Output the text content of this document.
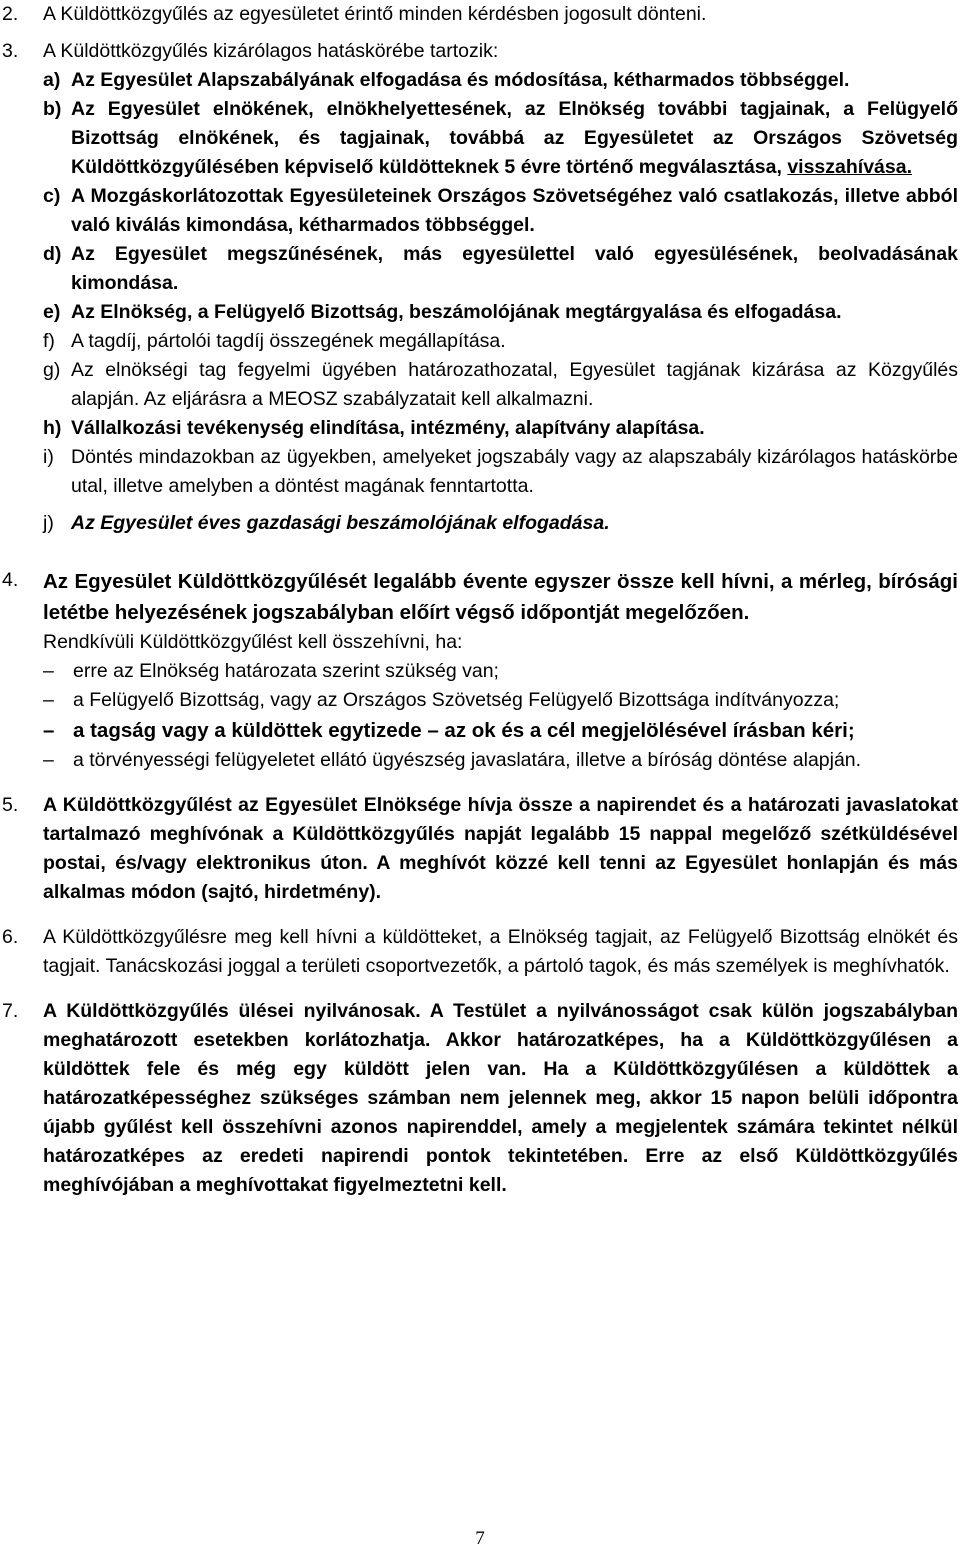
2.	A Küldöttközgyűlés az egyesületet érintő minden kérdésben jogosult dönteni.
3.	A Küldöttközgyűlés kizárólagos hatáskörébe tartozik:
a) Az Egyesület Alapszabályának elfogadása és módosítása, kétharmados többséggel.
b) Az Egyesület elnökének, elnökhelyettesének, az Elnökség további tagjainak, a Felügyelő Bizottság elnökének, és tagjainak, továbbá az Egyesületet az Országos Szövetség Küldöttközgyűlésében képviselő küldötteknek 5 évre történő megválasztása, visszahívása.
c) A Mozgáskorlátozottak Egyesületeinek Országos Szövetségéhez való csatlakozás, illetve abból való kiválás kimondása, kétharmados többséggel.
d) Az Egyesület megszűnésének, más egyesülettel való egyesülésének, beolvadásának kimondása.
e) Az Elnökség, a Felügyelő Bizottság, beszámolójának megtárgyalása és elfogadása.
f) A tagdíj, pártolói tagdíj összegének megállapítása.
g) Az elnökségi tag fegyelmi ügyében határozathozatal, Egyesület tagjának kizárása az Közgyűlés alapján. Az eljárásra a MEOSZ szabályzatait kell alkalmazni.
h) Vállalkozási tevékenység elindítása, intézmény, alapítvány alapítása.
i) Döntés mindazokban az ügyekben, amelyeket jogszabály vagy az alapszabály kizárólagos hatáskörbe utal, illetve amelyben a döntést magának fenntartotta.
j) Az Egyesület éves gazdasági beszámolójának elfogadása.
4.	Az Egyesület Küldöttközgyűlését legalább évente egyszer össze kell hívni, a mérleg, bírósági letétbe helyezésének jogszabályban előírt végső időpontját megelőzően.
Rendkívüli Küldöttközgyűlést kell összehívni, ha:
– erre az Elnökség határozata szerint szükség van;
– a Felügyelő Bizottság, vagy az Országos Szövetség Felügyelő Bizottsága indítványozza;
– a tagság vagy a küldöttek egytizede – az ok és a cél megjelölésével írásban kéri;
– a törvényességi felügyeletet ellátó ügyészség javaslatára, illetve a bíróság döntése alapján.
5.	A Küldöttközgyűlést az Egyesület Elnöksége hívja össze a napirendet és a határozati javaslatokat tartalmazó meghívónak a Küldöttközgyűlés napját legalább 15 nappal megelőző szétküldésével postai, és/vagy elektronikus úton. A meghívót közzé kell tenni az Egyesület honlapján és más alkalmas módon (sajtó, hirdetmény).
6.	A Küldöttközgyűlésre meg kell hívni a küldötteket, a Elnökség tagjait, az Felügyelő Bizottság elnökét és tagjait. Tanácskozási joggal a területi csoportvezetők, a pártoló tagok, és más személyek is meghívhatók.
7.	A Küldöttközgyűlés ülései nyilvánosak. A Testület a nyilvánosságot csak külön jogszabályban meghatározott esetekben korlátozhatja. Akkor határozatképes, ha a Küldöttközgyűlésen a küldöttek fele és még egy küldött jelen van. Ha a Küldöttközgyűlésen a küldöttek a határozatképességhez szükséges számban nem jelennek meg, akkor 15 napon belüli időpontra újabb gyűlést kell összehívni azonos napirenddel, amely a megjelentek számára tekintet nélkül határozatképes az eredeti napirendi pontok tekintetében. Erre az első Küldöttközgyűlés meghívójában a meghívottakat figyelmeztetni kell.
7
